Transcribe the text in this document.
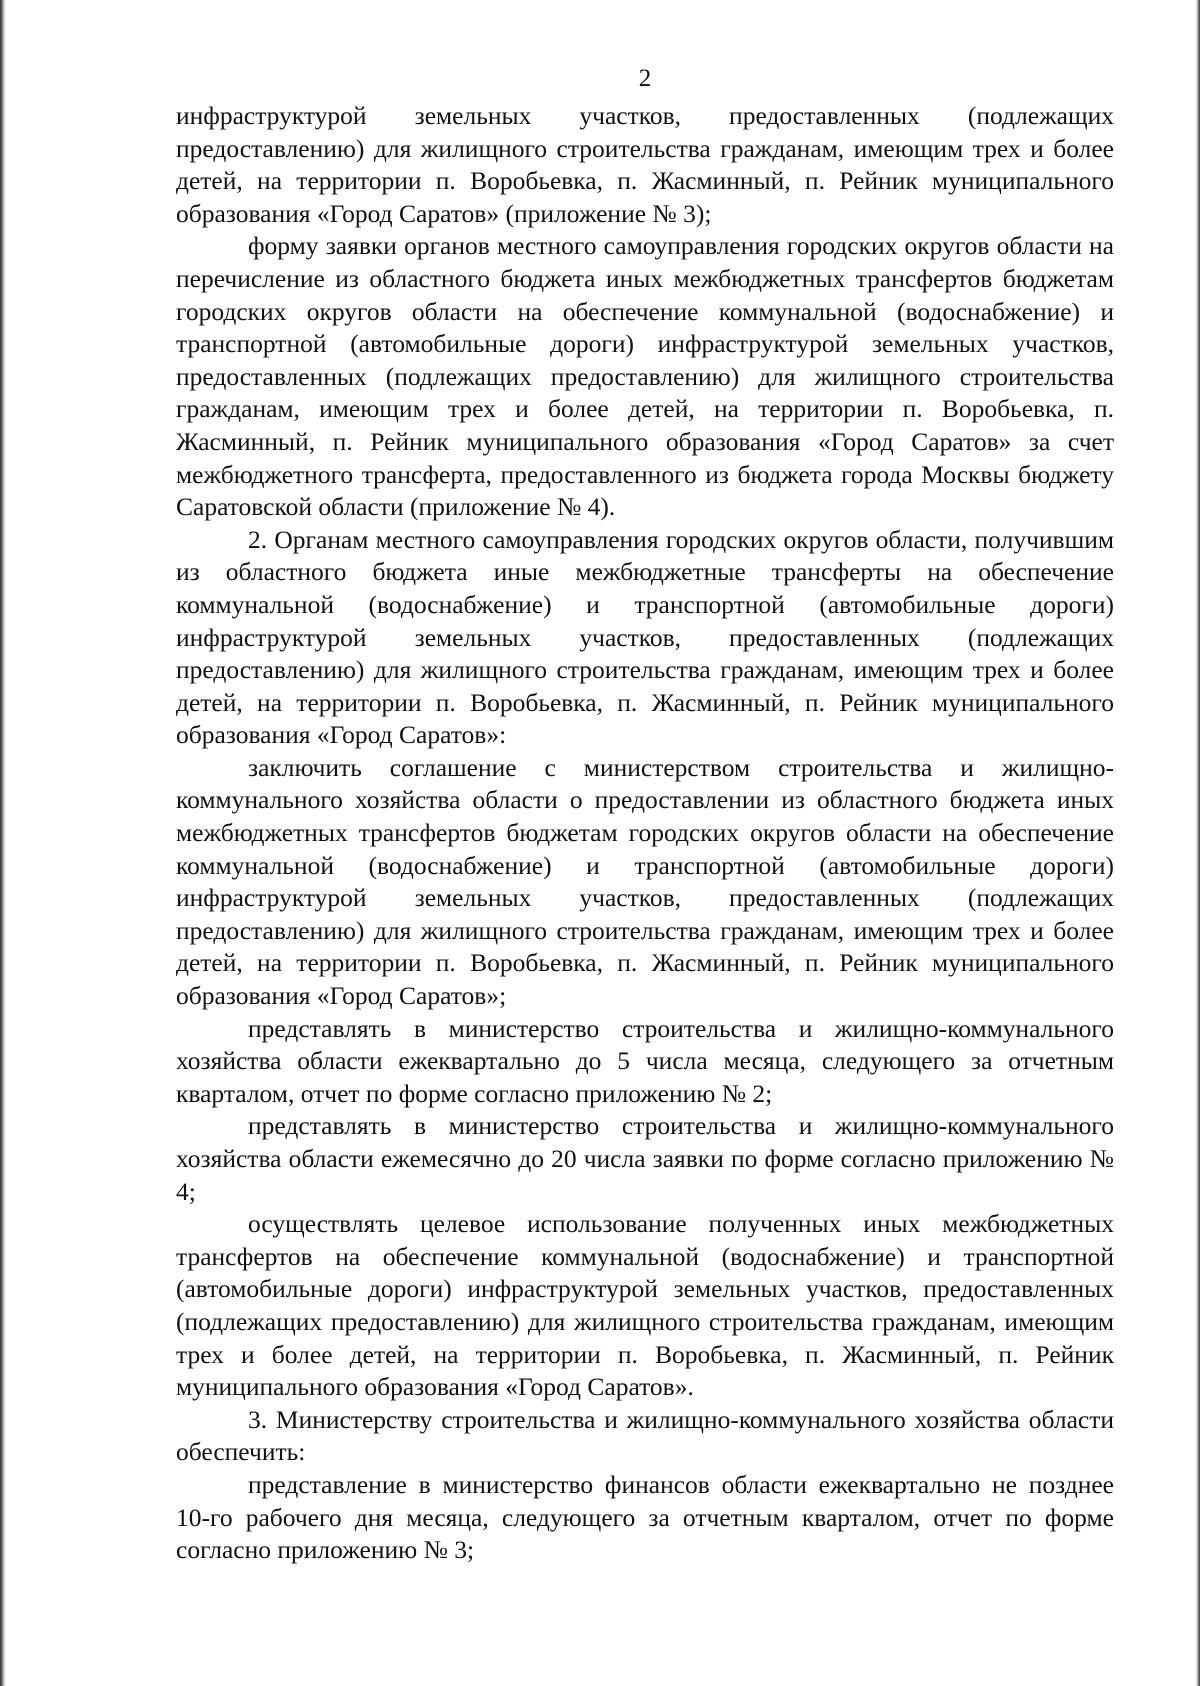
2

инфраструктурой земельных участков, предоставленных (подлежащих предоставлению) для жилищного строительства гражданам, имеющим трех и более детей, на территории п. Воробьевка, п. Жасминный, п. Рейник муниципального образования «Город Саратов» (приложение № 3);

форму заявки органов местного самоуправления городских округов области на перечисление из областного бюджета иных межбюджетных трансфертов бюджетам городских округов области на обеспечение коммунальной (водоснабжение) и транспортной (автомобильные дороги) инфраструктурой земельных участков, предоставленных (подлежащих предоставлению) для жилищного строительства гражданам, имеющим трех и более детей, на территории п. Воробьевка, п. Жасминный, п. Рейник муниципального образования «Город Саратов» за счет межбюджетного трансферта, предоставленного из бюджета города Москвы бюджету Саратовской области (приложение № 4).

2. Органам местного самоуправления городских округов области, получившим из областного бюджета иные межбюджетные трансферты на обеспечение коммунальной (водоснабжение) и транспортной (автомобильные дороги) инфраструктурой земельных участков, предоставленных (подлежащих предоставлению) для жилищного строительства гражданам, имеющим трех и более детей, на территории п. Воробьевка, п. Жасминный, п. Рейник муниципального образования «Город Саратов»:

заключить соглашение с министерством строительства и жилищно-коммунального хозяйства области о предоставлении из областного бюджета иных межбюджетных трансфертов бюджетам городских округов области на обеспечение коммунальной (водоснабжение) и транспортной (автомобильные дороги) инфраструктурой земельных участков, предоставленных (подлежащих предоставлению) для жилищного строительства гражданам, имеющим трех и более детей, на территории п. Воробьевка, п. Жасминный, п. Рейник муниципального образования «Город Саратов»;

представлять в министерство строительства и жилищно-коммунального хозяйства области ежеквартально до 5 числа месяца, следующего за отчетным кварталом, отчет по форме согласно приложению № 2;

представлять в министерство строительства и жилищно-коммунального хозяйства области ежемесячно до 20 числа заявки по форме согласно приложению № 4;

осуществлять целевое использование полученных иных межбюджетных трансфертов на обеспечение коммунальной (водоснабжение) и транспортной (автомобильные дороги) инфраструктурой земельных участков, предоставленных (подлежащих предоставлению) для жилищного строительства гражданам, имеющим трех и более детей, на территории п. Воробьевка, п. Жасминный, п. Рейник муниципального образования «Город Саратов».

3. Министерству строительства и жилищно-коммунального хозяйства области обеспечить:

представление в министерство финансов области ежеквартально не позднее 10-го рабочего дня месяца, следующего за отчетным кварталом, отчет по форме согласно приложению № 3;
